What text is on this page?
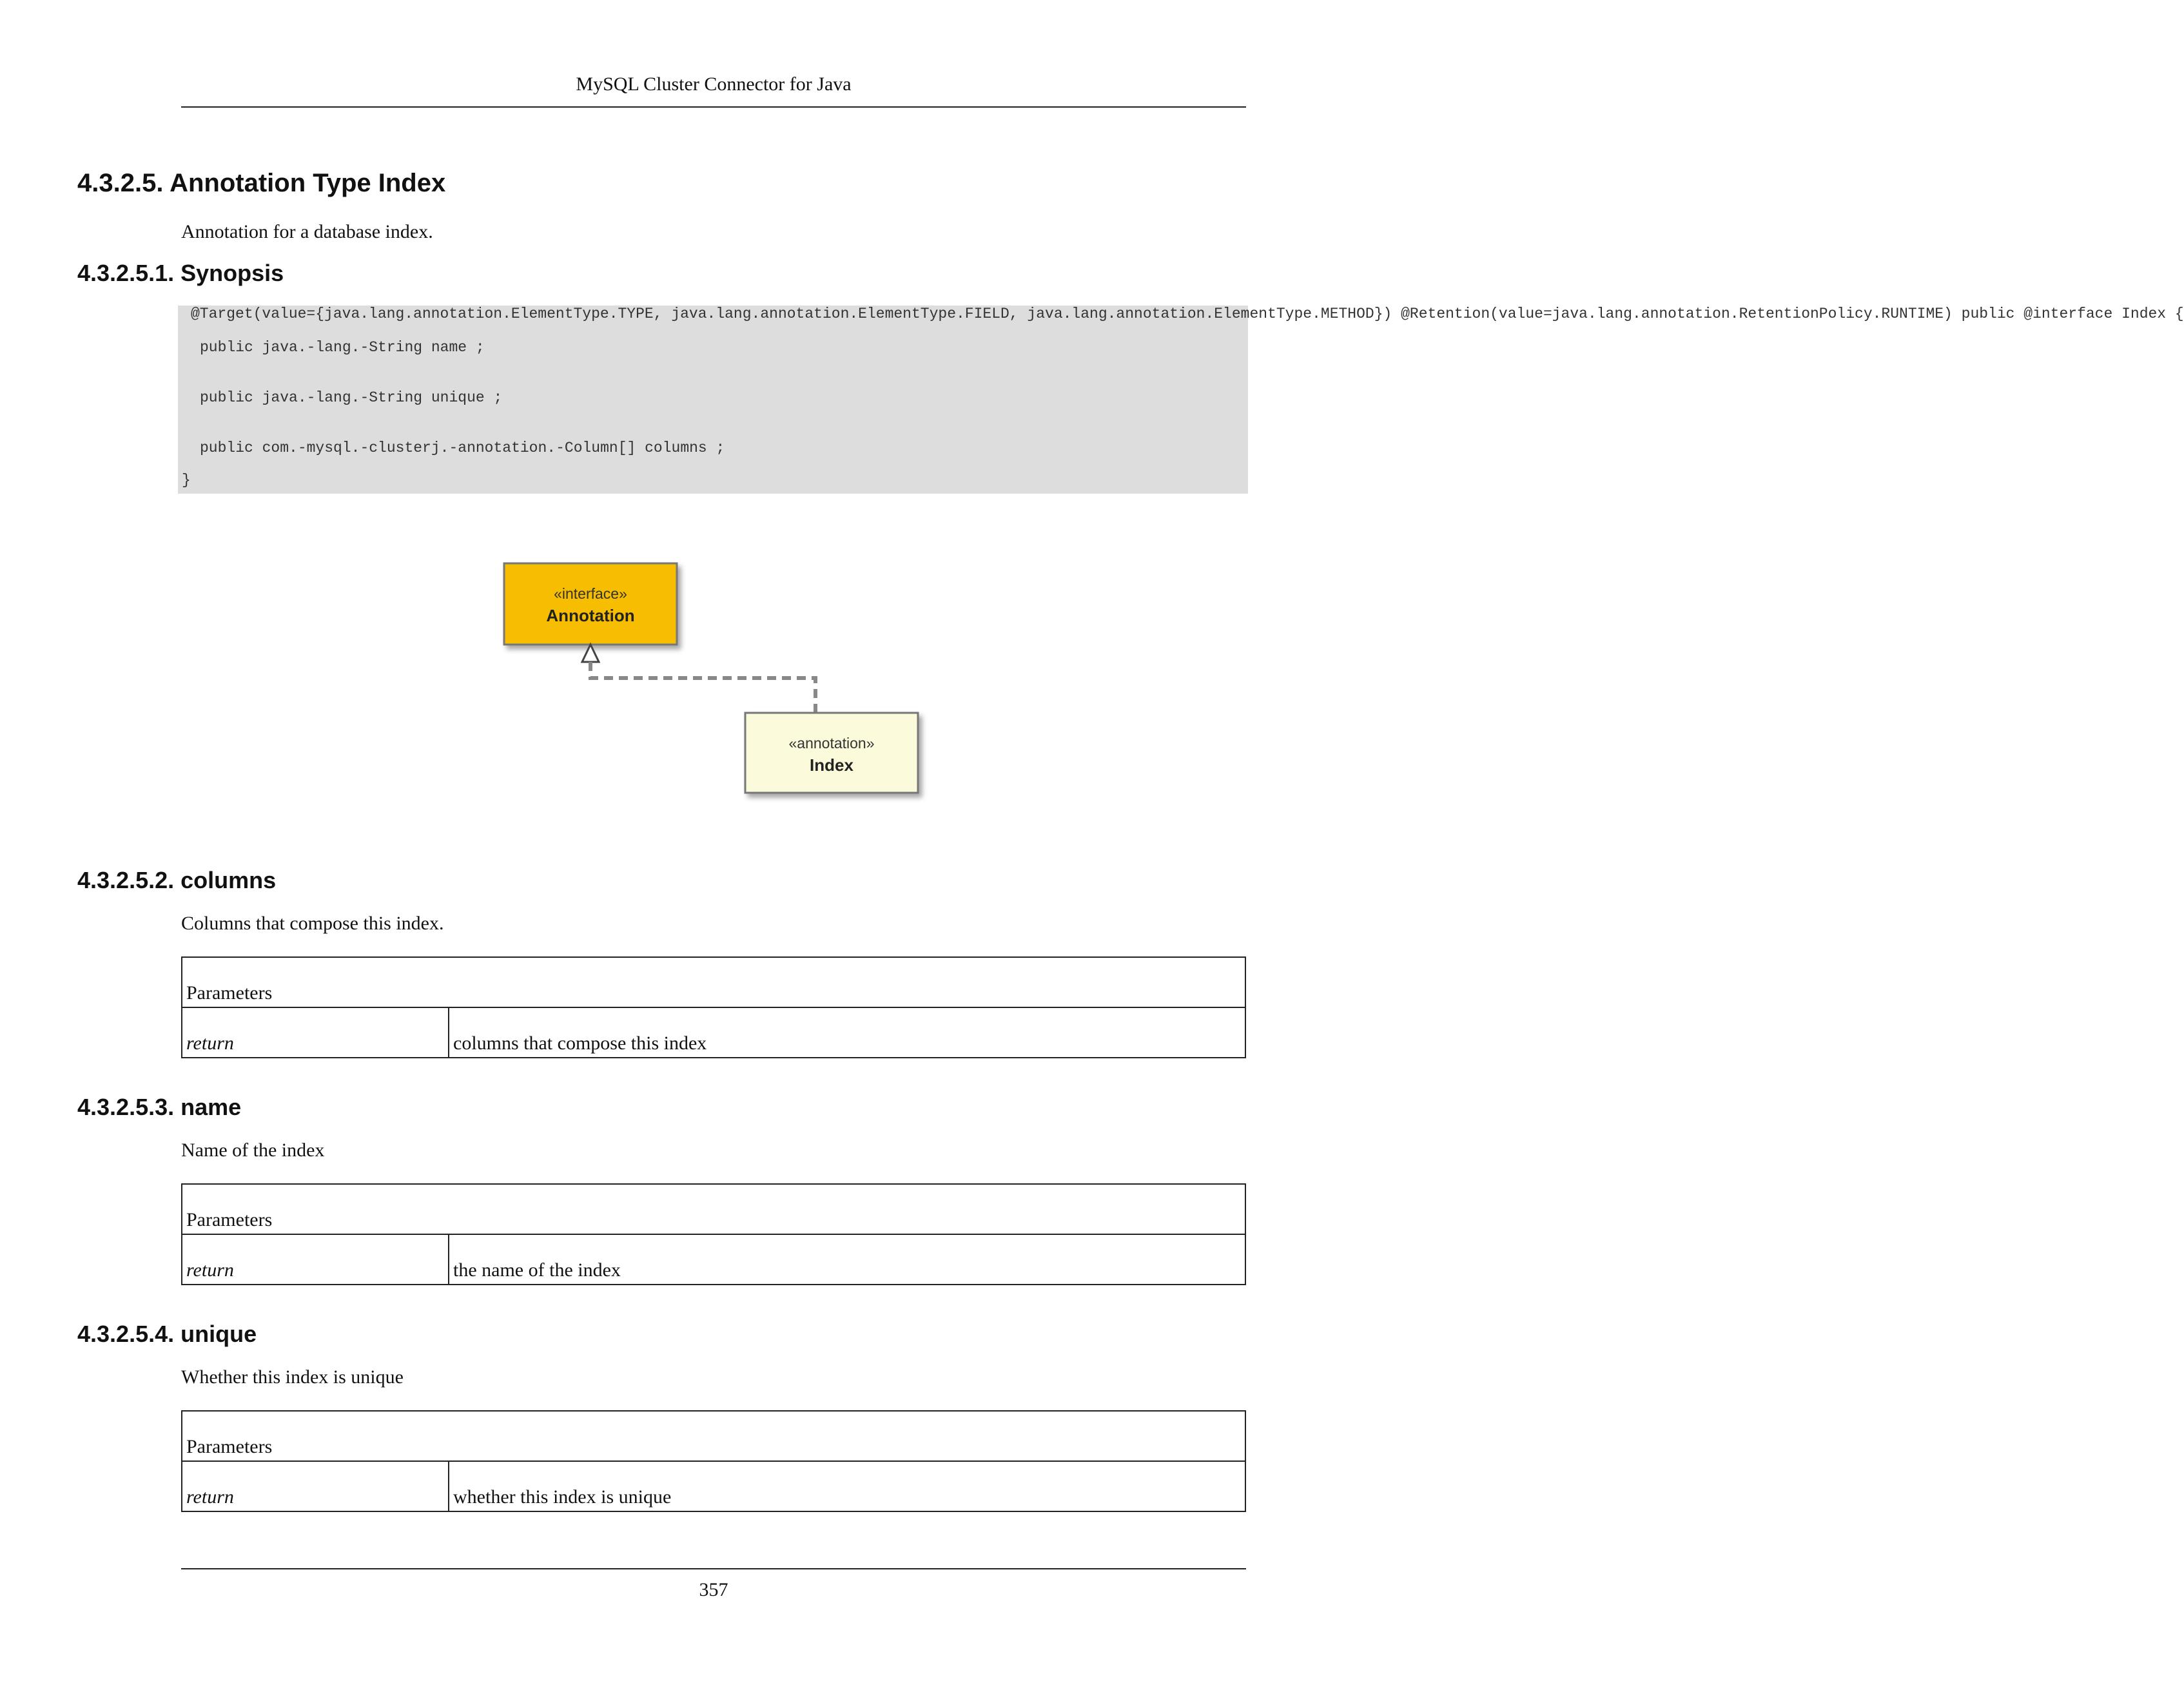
MySQL Cluster Connector for Java
4.3.2.5. Annotation Type Index

Annotation for a database index.

4.3.2.5.1. Synopsis
@Target(value={java.lang.annotation.ElementType.TYPE, java.lang.annotation.ElementType.FIELD, java.lang.annotation.ElementType.METHOD}) @Retention(value=java.lang.annotation.RetentionPolicy.RUNTIME) public @interface Index {
public java.-lang.-String name ;
public java.-lang.-String unique ;
public com.-mysql.-clusterj.-annotation.-Column[] columns ;
}
«interface»
Annotation
«annotation»
Index
4.3.2.5.2. columns

Columns that compose this index.

Parameters
return	columns that compose this index
4.3.2.5.3. name

Name of the index

Parameters
return	the name of the index
4.3.2.5.4. unique

Whether this index is unique

Parameters
return	whether this index is unique
357
